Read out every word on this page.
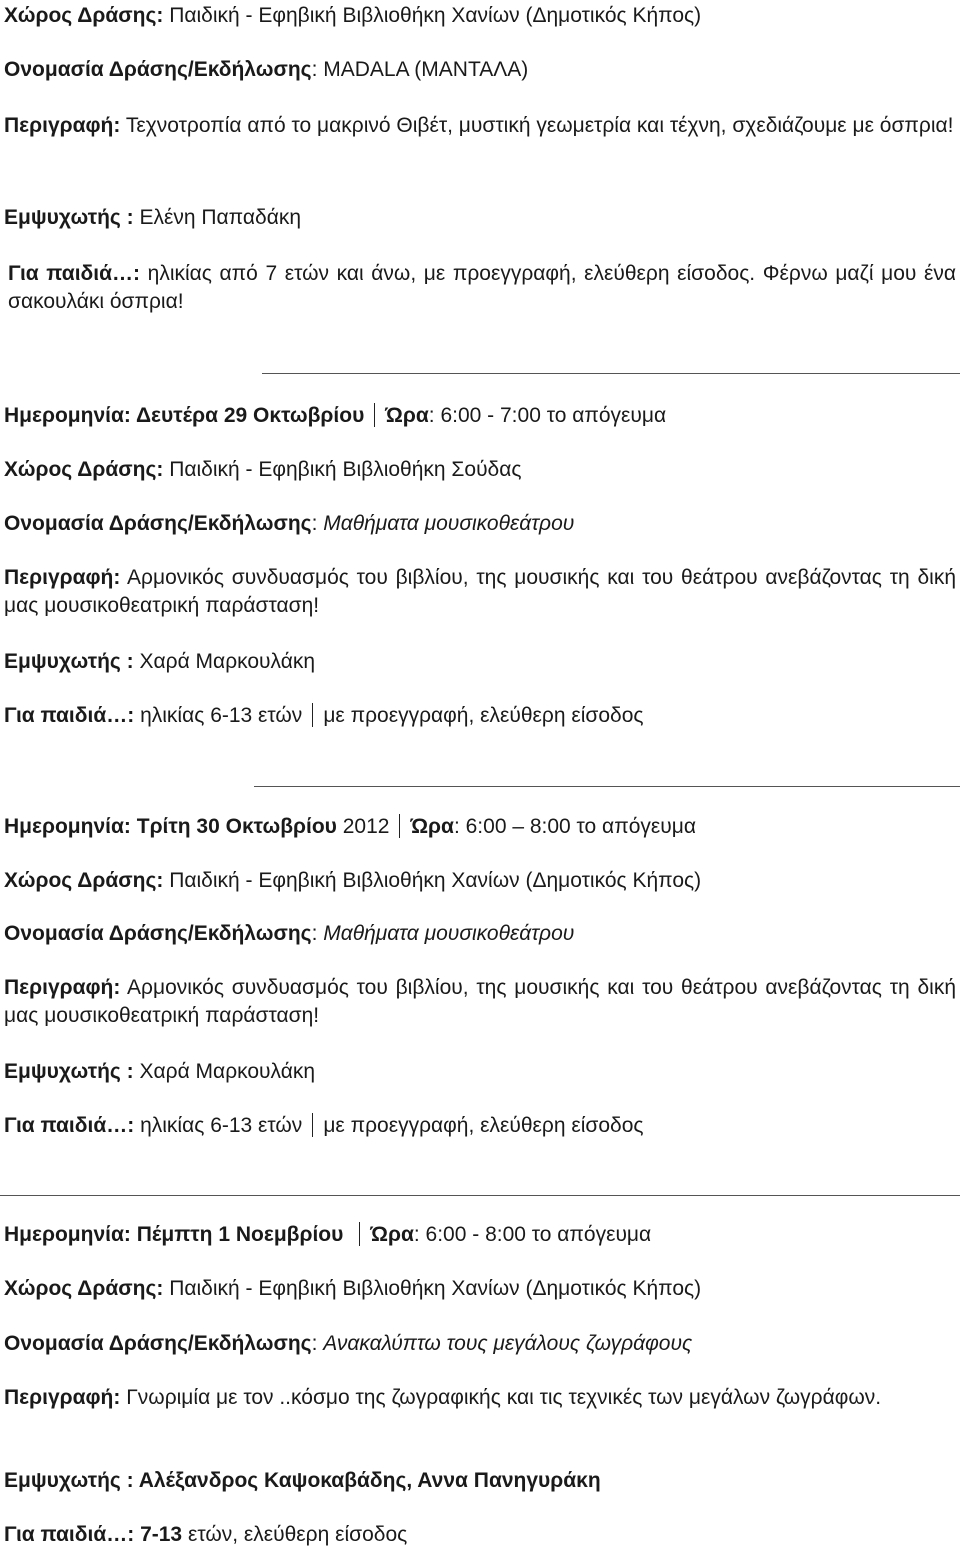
Χώρος Δράσης: Παιδική - Εφηβική Βιβλιοθήκη Χανίων (Δημοτικός Κήπος)
Ονομασία Δράσης/Εκδήλωσης: MADALA (ΜΑΝΤΑΛΑ)
Περιγραφή: Τεχνοτροπία από το μακρινό Θιβέτ, μυστική γεωμετρία και τέχνη, σχεδιάζουμε με όσπρια!
Εμψυχωτής : Ελένη Παπαδάκη
Για παιδιά…: ηλικίας από 7 ετών και άνω, με προεγγραφή, ελεύθερη είσοδος. Φέρνω μαζί μου ένα σακουλάκι όσπρια!
Ημερομηνία: Δευτέρα 29 Οκτωβρίου Ώρα: 6:00 - 7:00 το απόγευμα
Χώρος Δράσης: Παιδική - Εφηβική Βιβλιοθήκη Σούδας
Ονομασία Δράσης/Εκδήλωσης: Μαθήματα μουσικοθεάτρου
Περιγραφή: Αρμονικός συνδυασμός του βιβλίου, της μουσικής και του θεάτρου ανεβάζοντας τη δική μας μουσικοθεατρική παράσταση!
Εμψυχωτής : Χαρά Μαρκουλάκη
Για παιδιά…: ηλικίας 6-13 ετών με προεγγραφή, ελεύθερη είσοδος
Ημερομηνία: Τρίτη 30 Οκτωβρίου 2012 Ώρα: 6:00 – 8:00 το απόγευμα
Χώρος Δράσης: Παιδική - Εφηβική Βιβλιοθήκη Χανίων (Δημοτικός Κήπος)
Ονομασία Δράσης/Εκδήλωσης: Μαθήματα μουσικοθεάτρου
Περιγραφή: Αρμονικός συνδυασμός του βιβλίου, της μουσικής και του θεάτρου ανεβάζοντας τη δική μας μουσικοθεατρική παράσταση!
Εμψυχωτής : Χαρά Μαρκουλάκη
Για παιδιά…: ηλικίας 6-13 ετών με προεγγραφή, ελεύθερη είσοδος
Ημερομηνία: Πέμπτη 1 Νοεμβρίου Ώρα: 6:00 - 8:00 το απόγευμα
Χώρος Δράσης: Παιδική - Εφηβική Βιβλιοθήκη Χανίων (Δημοτικός Κήπος)
Ονομασία Δράσης/Εκδήλωσης: Ανακαλύπτω τους μεγάλους ζωγράφους
Περιγραφή: Γνωριμία με τον ..κόσμο της ζωγραφικής και τις τεχνικές των μεγάλων ζωγράφων.
Εμψυχωτής : Αλέξανδρος Καψοκαβάδης, Αννα Πανηγυράκη
Για παιδιά…: 7-13 ετών, ελεύθερη είσοδος
